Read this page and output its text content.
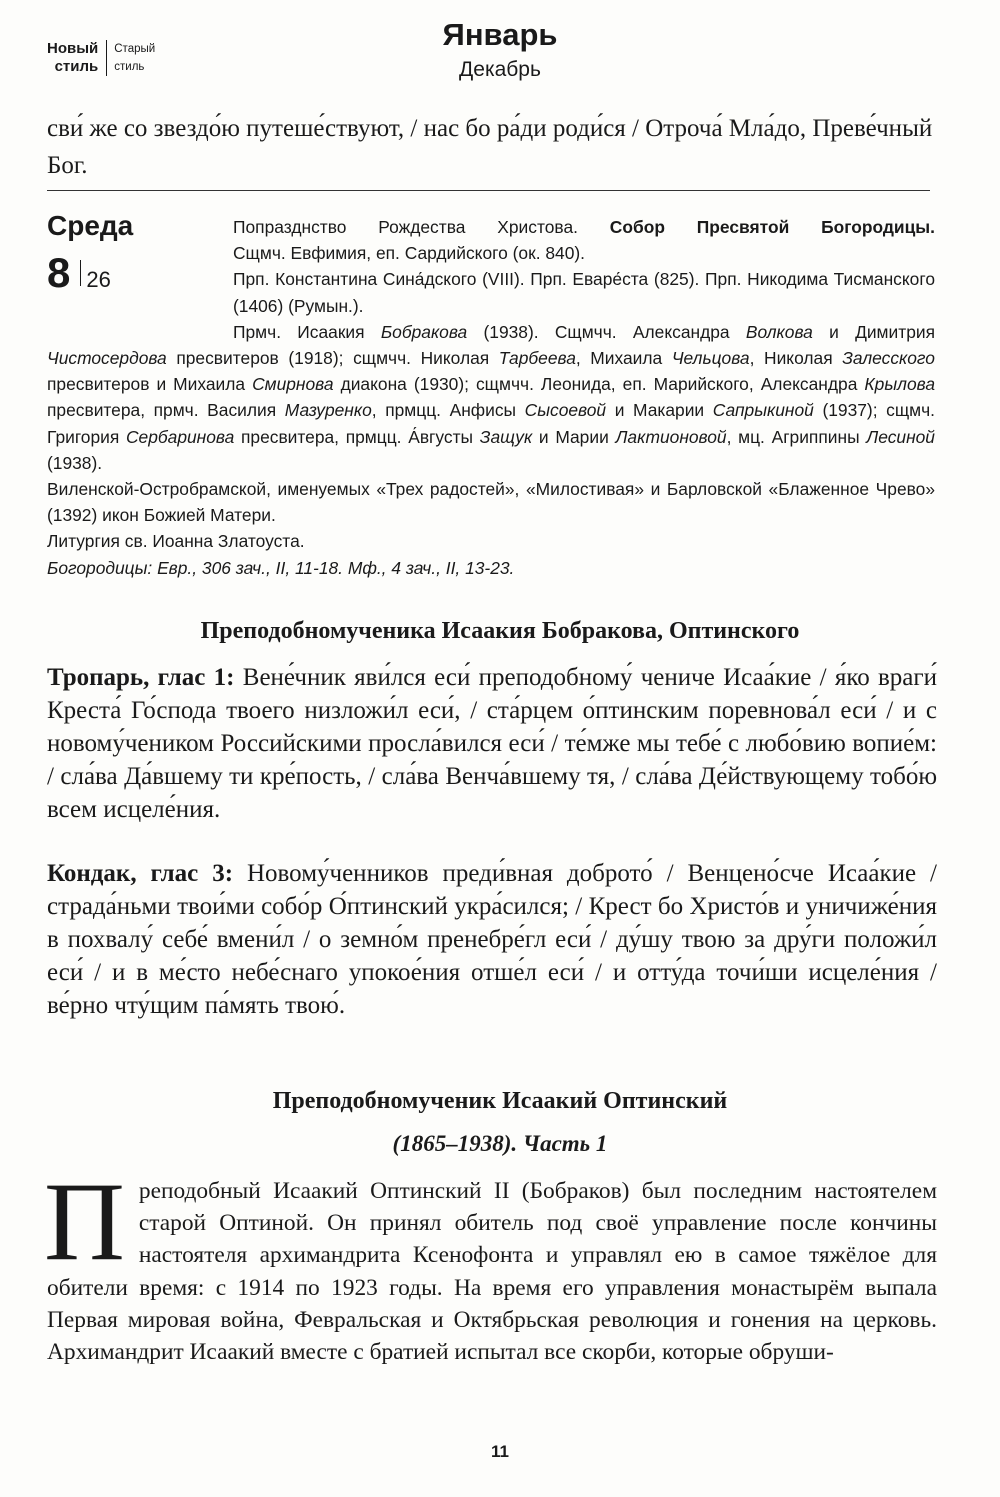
Новый
стиль
Старый
стиль
Январь
Декабрь
сви́ же со звездо́ю путеше́ствуют, / нас бо ра́ди роди́ся / Отроча́ Мла́до, Преве́чный Бог.
Среда
8 26

Попразднство Рождества Христова. Собор Пресвятой Богородицы.

Сщмч. Евфимия, еп. Сардийского (ок. 840).

Прп. Константина Сина́дского (VIII). Прп. Еваре́ста (825). Прп. Никодима Тисманского (1406) (Румын.).

Прмч. Исаакия Бобракова (1938). Сщмчч. Александра Волкова и Димитрия Чистосердова пресвитеров (1918); сщмчч. Николая Тарбеева, Михаила Чельцова, Николая Залесского пресвитеров и Михаила Смирнова диакона (1930); сщмчч. Леонида, еп. Марийского, Александра Крылова пресвитера, прмч. Василия Мазуренко, прмцц. Анфисы Сысоевой и Макарии Сапрыкиной (1937); сщмч. Григория Сербаринова пресвитера, прмцц. А́вгусты Защук и Марии Лактионовой, мц. Агриппины Лесиной (1938).

Виленской-Остробрамской, именуемых «Трех радостей», «Милостивая» и Барловской «Блаженное Чрево» (1392) икон Божией Матери.

Литургия св. Иоанна Златоуста.

Богородицы: Евр., 306 зач., II, 11-18. Мф., 4 зач., II, 13-23.

Преподобномученика Исаакия Бобракова, Оптинского

Тропарь, глас 1: Вене́чник яви́лся еси́ преподобному́ чениче Исаа́кие / я́ко враги́ Креста́ Го́спода твоего низложи́л еси́, / ста́рцем о́птинским поревнова́л еси́ / и с новому́чеником Российскими просла́вился еси́ / те́мже мы тебе́ с любо́вию вопие́м: / сла́ва Да́вшему ти кре́пость, / сла́ва Венча́вшему тя, / сла́ва Де́йствующему тобо́ю всем исцеле́ния.

Кондак, глас 3: Новому́ченников преди́вная доброто́ / Венцено́сче Исаа́кие / страда́ньми твои́ми собо́р О́птинский укра́сился; / Крест бо Христо́в и уничиже́ния в похвалу́ себе́ вмени́л / о земно́м пренебре́гл еси́ / ду́шу твою за дру́ги положи́л еси́ / и в ме́сто небе́снаго упокое́ния отше́л еси́ / и отту́да точи́ши исцеле́ния / ве́рно чту́щим па́мять твою́.

Преподобномученик Исаакий Оптинский
(1865–1938). Часть 1

Преподобный Исаакий Оптинский II (Бобраков) был последним настоятелем старой Оптиной. Он принял обитель под своё управление после кончины настоятеля архимандрита Ксенофонта и управлял ею в самое тяжёлое для обители время: с 1914 по 1923 годы. На время его управления монастырём выпала Первая мировая война, Февральская и Октябрьская революция и гонения на церковь. Архимандрит Исаакий вместе с братией испытал все скорби, которые обруши-

11
